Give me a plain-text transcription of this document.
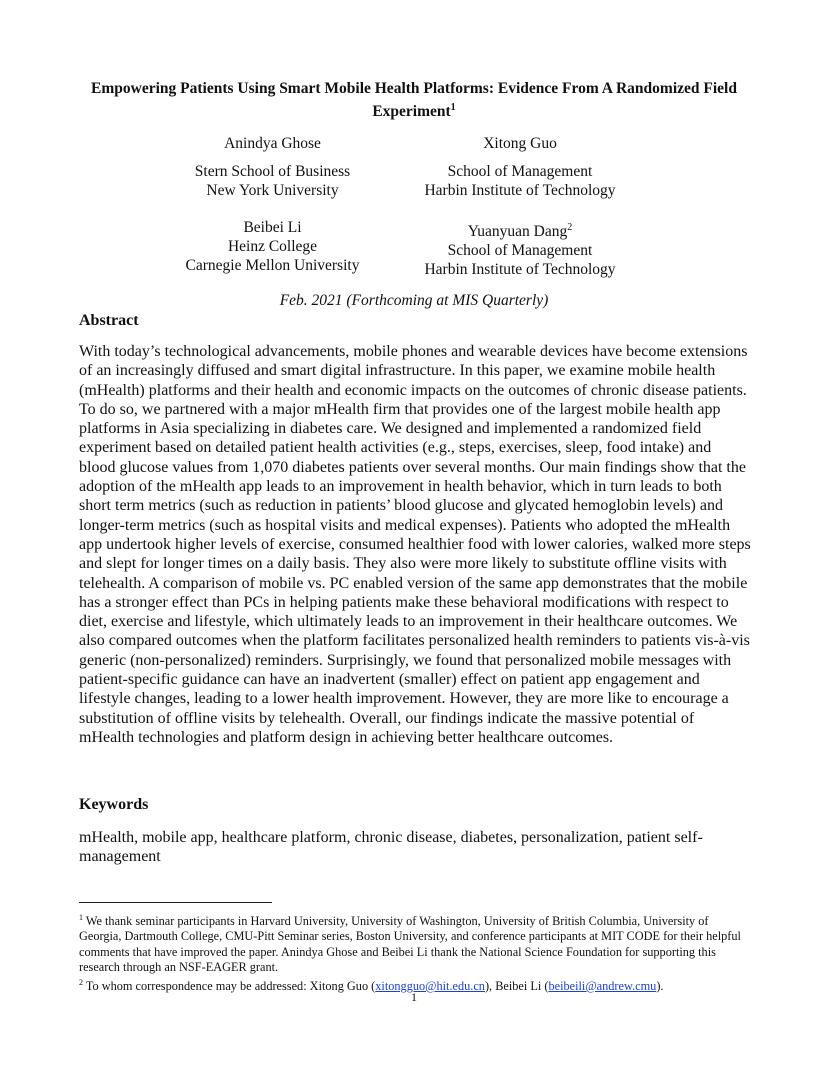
Empowering Patients Using Smart Mobile Health Platforms: Evidence From A Randomized Field Experiment$^1$
Anindya Ghose
Stern School of Business
New York University
Beibei Li
Heinz College
Carnegie Mellon University
Xitong Guo
School of Management
Harbin Institute of Technology
Yuanyuan Dang$^2$
School of Management
Harbin Institute of Technology
Feb. 2021 (Forthcoming at MIS Quarterly)
Abstract

With today’s technological advancements, mobile phones and wearable devices have become extensions of an increasingly diffused and smart digital infrastructure. In this paper, we examine mobile health (mHealth) platforms and their health and economic impacts on the outcomes of chronic disease patients. To do so, we partnered with a major mHealth firm that provides one of the largest mobile health app platforms in Asia specializing in diabetes care. We designed and implemented a randomized field experiment based on detailed patient health activities (e.g., steps, exercises, sleep, food intake) and blood glucose values from 1,070 diabetes patients over several months. Our main findings show that the adoption of the mHealth app leads to an improvement in health behavior, which in turn leads to both short term metrics (such as reduction in patients’ blood glucose and glycated hemoglobin levels) and longer-term metrics (such as hospital visits and medical expenses). Patients who adopted the mHealth app undertook higher levels of exercise, consumed healthier food with lower calories, walked more steps and slept for longer times on a daily basis. They also were more likely to substitute offline visits with telehealth. A comparison of mobile vs. PC enabled version of the same app demonstrates that the mobile has a stronger effect than PCs in helping patients make these behavioral modifications with respect to diet, exercise and lifestyle, which ultimately leads to an improvement in their healthcare outcomes. We also compared outcomes when the platform facilitates personalized health reminders to patients vis-à-vis generic (non-personalized) reminders. Surprisingly, we found that personalized mobile messages with patient-specific guidance can have an inadvertent (smaller) effect on patient app engagement and lifestyle changes, leading to a lower health improvement. However, they are more like to encourage a substitution of offline visits by telehealth. Overall, our findings indicate the massive potential of mHealth technologies and platform design in achieving better healthcare outcomes.

Keywords

mHealth, mobile app, healthcare platform, chronic disease, diabetes, personalization, patient self-management

$^1$ We thank seminar participants in Harvard University, University of Washington, University of British Columbia, University of Georgia, Dartmouth College, CMU-Pitt Seminar series, Boston University, and conference participants at MIT CODE for their helpful comments that have improved the paper. Anindya Ghose and Beibei Li thank the National Science Foundation for supporting this research through an NSF-EAGER grant.

$^2$ To whom correspondence may be addressed: Xitong Guo (xitongguo@hit.edu.cn), Beibei Li (beibeili@andrew.cmu).

1
